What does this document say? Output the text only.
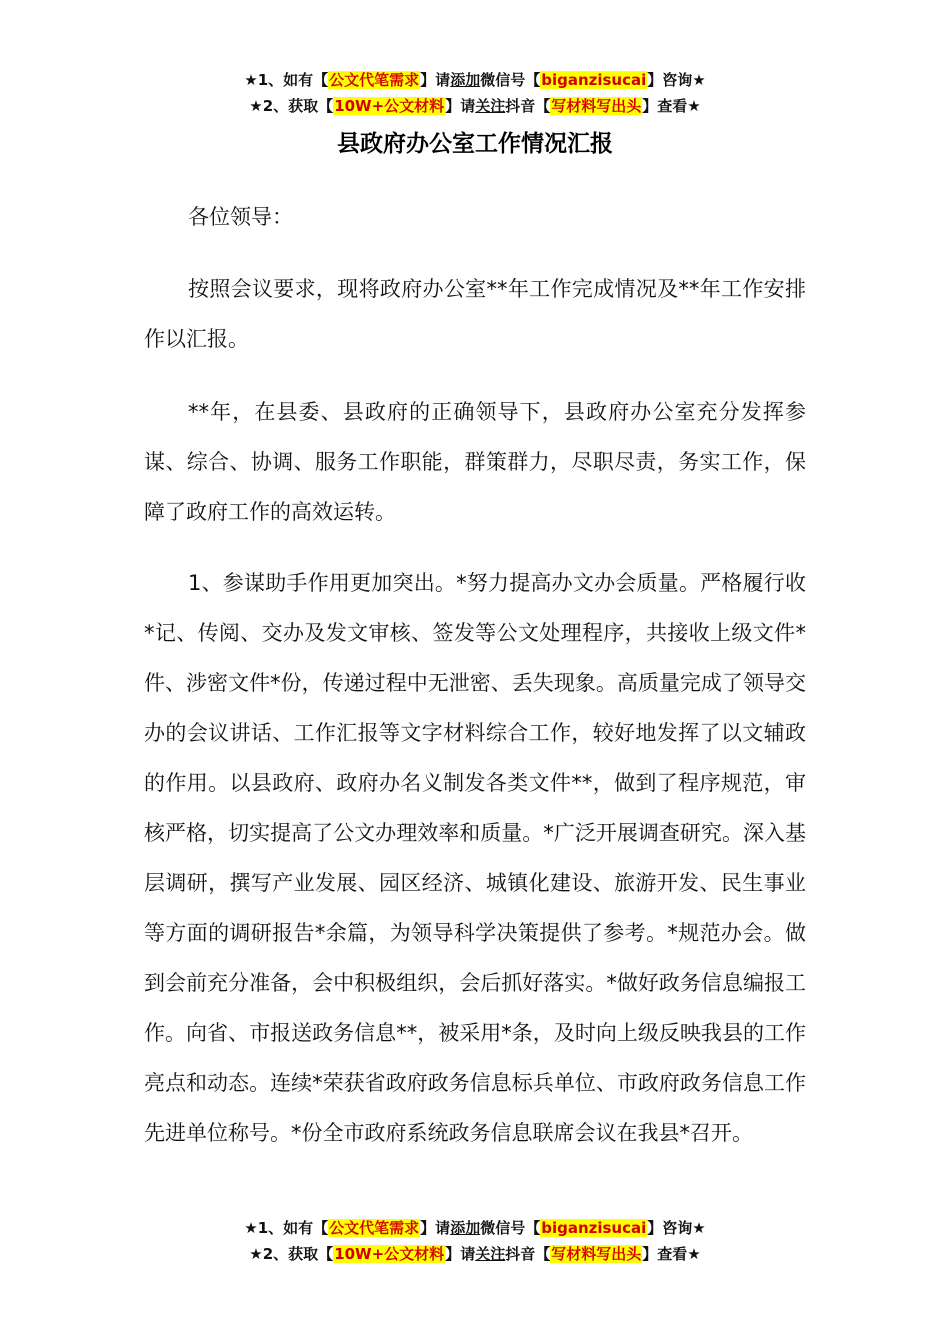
★1、如有【公文代笔需求】请添加微信号【biganzisucai】咨询★
★2、获取【10W+公文材料】请关注抖音【写材料写出头】查看★
县政府办公室工作情况汇报

各位领导：

按照会议要求，现将政府办公室**年工作完成情况及**年工作安排作以汇报。

**年，在县委、县政府的正确领导下，县政府办公室充分发挥参谋、综合、协调、服务工作职能，群策群力，尽职尽责，务实工作，保障了政府工作的高效运转。

1、参谋助手作用更加突出。*努力提高办文办会质量。严格履行收*记、传阅、交办及发文审核、签发等公文处理程序，共接收上级文件*件、涉密文件*份，传递过程中无泄密、丢失现象。高质量完成了领导交办的会议讲话、工作汇报等文字材料综合工作，较好地发挥了以文辅政的作用。以县政府、政府办名义制发各类文件**，做到了程序规范，审核严格，切实提高了公文办理效率和质量。*广泛开展调查研究。深入基层调研，撰写产业发展、园区经济、城镇化建设、旅游开发、民生事业等方面的调研报告*余篇，为领导科学决策提供了参考。*规范办会。做到会前充分准备，会中积极组织，会后抓好落实。*做好政务信息编报工作。向省、市报送政务信息**，被采用*条，及时向上级反映我县的工作亮点和动态。连续*荣获省政府政务信息标兵单位、市政府政务信息工作先进单位称号。*份全市政府系统政务信息联席会议在我县*召开。

★1、如有【公文代笔需求】请添加微信号【biganzisucai】咨询★
★2、获取【10W+公文材料】请关注抖音【写材料写出头】查看★
